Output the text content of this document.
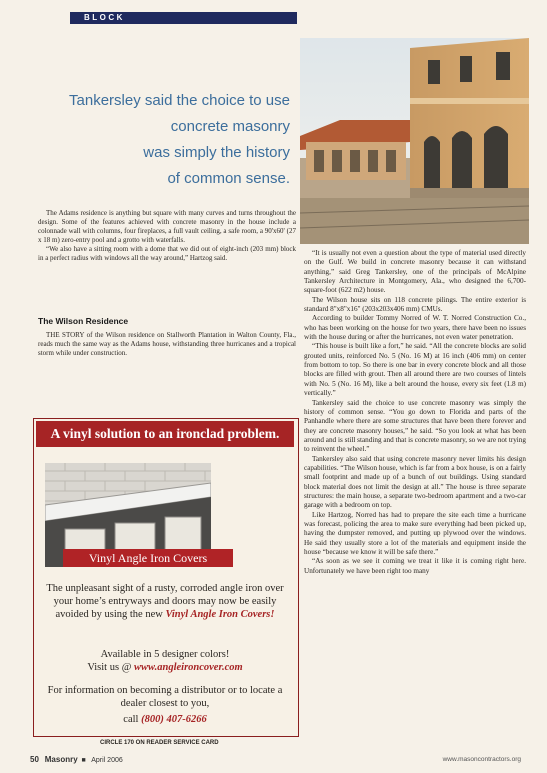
BLOCK
Tankersley said the choice to use
concrete masonry
was simply the history
of common sense.

The Adams residence is anything but square with many curves and turns throughout the design. Some of the features achieved with concrete masonry in the house include a colonnade wall with columns, four fireplaces, a full vault ceiling, a safe room, a 90'x60' (27 x 18 m) zero-entry pool and a grotto with waterfalls.

“We also have a sitting room with a dome that we did out of eight-inch (203 mm) block in a perfect radius with windows all the way around,” Hartzog said.

The Wilson Residence

THE STORY of the Wilson residence on Stallworth Plantation in Walton County, Fla., reads much the same way as the Adams house, withstanding three hurricanes and a tropical storm while under construction.

A vinyl solution to an ironclad problem.
Vinyl Angle Iron Covers
The unpleasant sight of a rusty, corroded angle iron over your home’s entryways and doors may now be easily avoided by using the new Vinyl Angle Iron Covers!
Available in 5 designer colors!
Visit us @ www.angleironcover.com
For information on becoming a distributor or to locate a dealer closest to you,
call (800) 407-6266
CIRCLE 170 ON READER SERVICE CARD
50 Masonry  ■   April 2006	www.masoncontractors.org

“It is usually not even a question about the type of material used directly on the Gulf. We build in concrete masonry because it can withstand anything,” said Greg Tankersley, one of the principals of McAlpine Tankersley Architecture in Montgomery, Ala., who designed the 6,700-square-foot (622 m2) house.

The Wilson house sits on 118 concrete pilings. The entire exterior is standard 8"x8"x16" (203x203x406 mm) CMUs.

According to builder Tommy Norred of W. T. Norred Construction Co., who has been working on the house for two years, there have been no issues with the house during or after the hurricanes, not even water penetration.

“This house is built like a fort,” he said. “All the concrete blocks are solid grouted units, reinforced No. 5 (No. 16 M) at 16 inch (406 mm) on center from bottom to top. So there is one bar in every concrete block and all those blocks are filled with grout. Then all around there are two courses of lintels with No. 5 (No. 16 M), like a belt around the house, every six feet (1.8 m) vertically.”

Tankersley said the choice to use concrete masonry was simply the history of common sense. “You go down to Florida and parts of the Panhandle where there are some structures that have been there forever and they are concrete masonry houses,” he said. “So you look at what has been around and is still standing and that is concrete masonry, so we are not trying to reinvent the wheel.”

Tankersley also said that using concrete masonry never limits his design capabilities. “The Wilson house, which is far from a box house, is on a fairly small footprint and made up of a bunch of out buildings. Using standard block material does not limit the design at all.” The house is three separate structures: the main house, a separate two-bedroom apartment and a two-car garage with a bedroom on top.

Like Hartzog, Norred has had to prepare the site each time a hurricane was forecast, policing the area to make sure everything had been picked up, having the dumpster removed, and putting up plywood over the windows. He said they usually store a lot of the materials and equipment inside the house “because we know it will be safe there.”

“As soon as we see it coming we treat it like it is coming right here. Unfortunately we have been right too many
